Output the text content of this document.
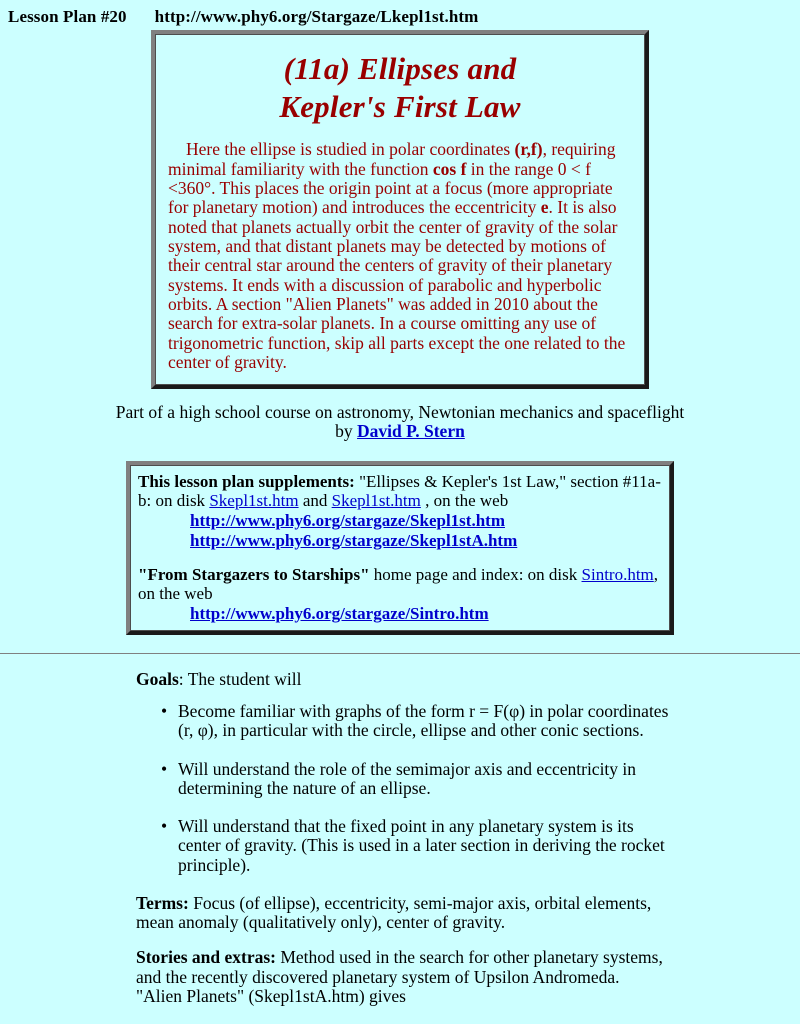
Lesson Plan #20 http://www.phy6.org/Stargaze/Lkepl1st.htm
(11a) Ellipses and
Kepler's First Law

Here the ellipse is studied in polar coordinates (r,f), requiring minimal familiarity with the function cos f in the range 0 < f <360°. This places the origin point at a focus (more appropriate for planetary motion) and introduces the eccentricity e. It is also noted that planets actually orbit the center of gravity of the solar system, and that distant planets may be detected by motions of their central star around the centers of gravity of their planetary systems. It ends with a discussion of parabolic and hyperbolic orbits. A section "Alien Planets" was added in 2010 about the search for extra-solar planets. In a course omitting any use of trigonometric function, skip all parts except the one related to the center of gravity.

Part of a high school course on astronomy, Newtonian mechanics and spaceflight
by David P. Stern

This lesson plan supplements: "Ellipses & Kepler's 1st Law," section #11a-b: on disk Skepl1st.htm and Skepl1st.htm , on the web
http://www.phy6.org/stargaze/Skepl1st.htm
http://www.phy6.org/stargaze/Skepl1stA.htm

"From Stargazers to Starships" home page and index: on disk Sintro.htm, on the web
http://www.phy6.org/stargaze/Sintro.htm

Goals: The student will

• Become familiar with graphs of the form r = F(φ) in polar coordinates (r, φ), in particular with the circle, ellipse and other conic sections.
• Will understand the role of the semimajor axis and eccentricity in determining the nature of an ellipse.
• Will understand that the fixed point in any planetary system is its center of gravity. (This is used in a later section in deriving the rocket principle).

Terms: Focus (of ellipse), eccentricity, semi-major axis, orbital elements, mean anomaly (qualitatively only), center of gravity.

Stories and extras: Method used in the search for other planetary systems, and the recently discovered planetary system of Upsilon Andromeda. "Alien Planets" (Skepl1stA.htm) gives
